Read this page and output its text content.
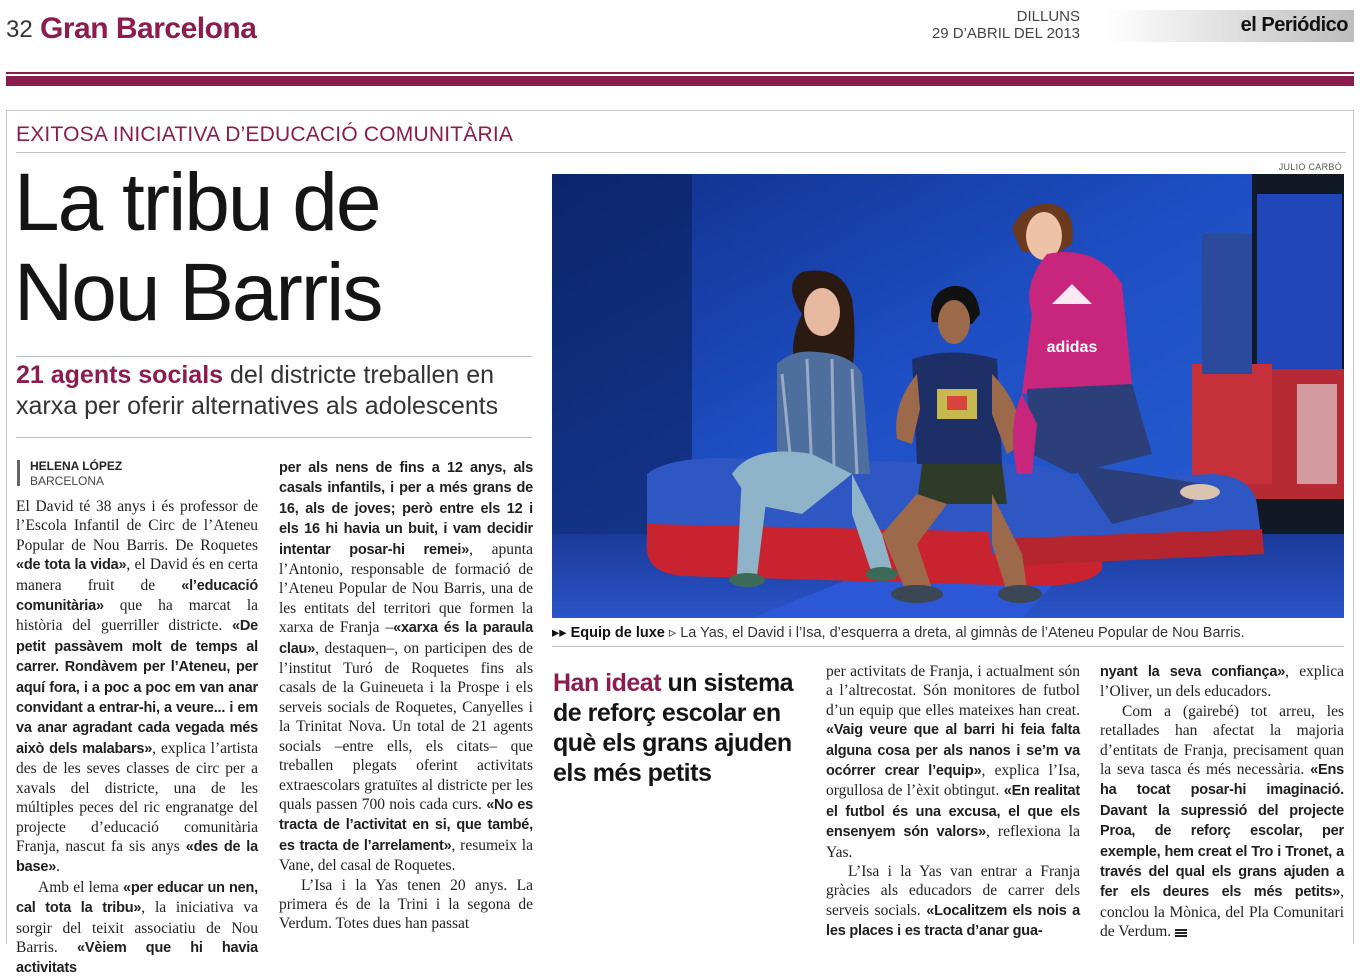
32 Gran Barcelona	DILLUNS
29 D’ABRIL DEL 2013	el Periódico
EXITOSA INICIATIVA D’EDUCACIÓ COMUNITÀRIA
La tribu de
Nou Barris
21 agents socials del districte treballen en xarxa per oferir alternatives als adolescents
HELENA LÓPEZ
BARCELONA

El David té 38 anys i és professor de l’Escola Infantil de Circ de l’Ateneu Popular de Nou Barris. De Roquetes «de tota la vida», el David és en certa manera fruit de «l’educació comunitària» que ha marcat la història del guerriller districte. «De petit passàvem molt de temps al carrer. Rondàvem per l’Ateneu, per aquí fora, i a poc a poc em van anar convidant a entrar-hi, a veure... i em va anar agradant cada vegada més això dels malabars», explica l’artista des de les seves classes de circ per a xavals del districte, una de les múltiples peces del ric engranatge del projecte d’educació comunitària Franja, nascut fa sis anys «des de la base».

Amb el lema «per educar un nen, cal tota la tribu», la iniciativa va sorgir del teixit associatiu de Nou Barris. «Vèiem que hi havia activitats

per als nens de fins a 12 anys, als casals infantils, i per a més grans de 16, als de joves; però entre els 12 i els 16 hi havia un buit, i vam decidir intentar posar-hi remei», apunta l’Antonio, responsable de formació de l’Ateneu Popular de Nou Barris, una de les entitats del territori que formen la xarxa de Franja –«xarxa és la paraula clau», destaquen–, on participen des de l’institut Turó de Roquetes fins als casals de la Guineueta i la Prospe i els serveis socials de Roquetes, Canyelles i la Trinitat Nova. Un total de 21 agents socials –entre ells, els citats– que treballen plegats oferint activitats extraescolars gratuïtes al districte per les quals passen 700 nois cada curs. «No es tracta de l’activitat en si, que també, es tracta de l’arrelament», resumeix la Vane, del casal de Roquetes.

L’Isa i la Yas tenen 20 anys. La primera és de la Trini i la segona de Verdum. Totes dues han passat

JULIO CARBÓ
adidas
▸▸ Equip de luxe ▹ La Yas, el David i l’Isa, d’esquerra a dreta, al gimnàs de l’Ateneu Popular de Nou Barris.
Han ideat un sistema de reforç escolar en què els grans ajuden els més petits

per activitats de Franja, i actualment són a l’altrecostat. Són monitores de futbol d’un equip que elles mateixes han creat. «Vaig veure que al barri hi feia falta alguna cosa per als nanos i se’m va ocórrer crear l’equip», explica l’Isa, orgullosa de l’èxit obtingut. «En realitat el futbol és una excusa, el que els ensenyem són valors», reflexiona la Yas.

L’Isa i la Yas van entrar a Franja gràcies als educadors de carrer dels serveis socials. «Localitzem els nois a les places i es tracta d’anar gua-

nyant la seva confiança», explica l’Oliver, un dels educadors.

Com a (gairebé) tot arreu, les retallades han afectat la majoria d’entitats de Franja, precisament quan la seva tasca és més necessària. «Ens ha tocat posar-hi imaginació. Davant la supressió del projecte Proa, de reforç escolar, per exemple, hem creat el Tro i Tronet, a través del qual els grans ajuden a fer els deures els més petits», conclou la Mònica, del Pla Comunitari de Verdum.
